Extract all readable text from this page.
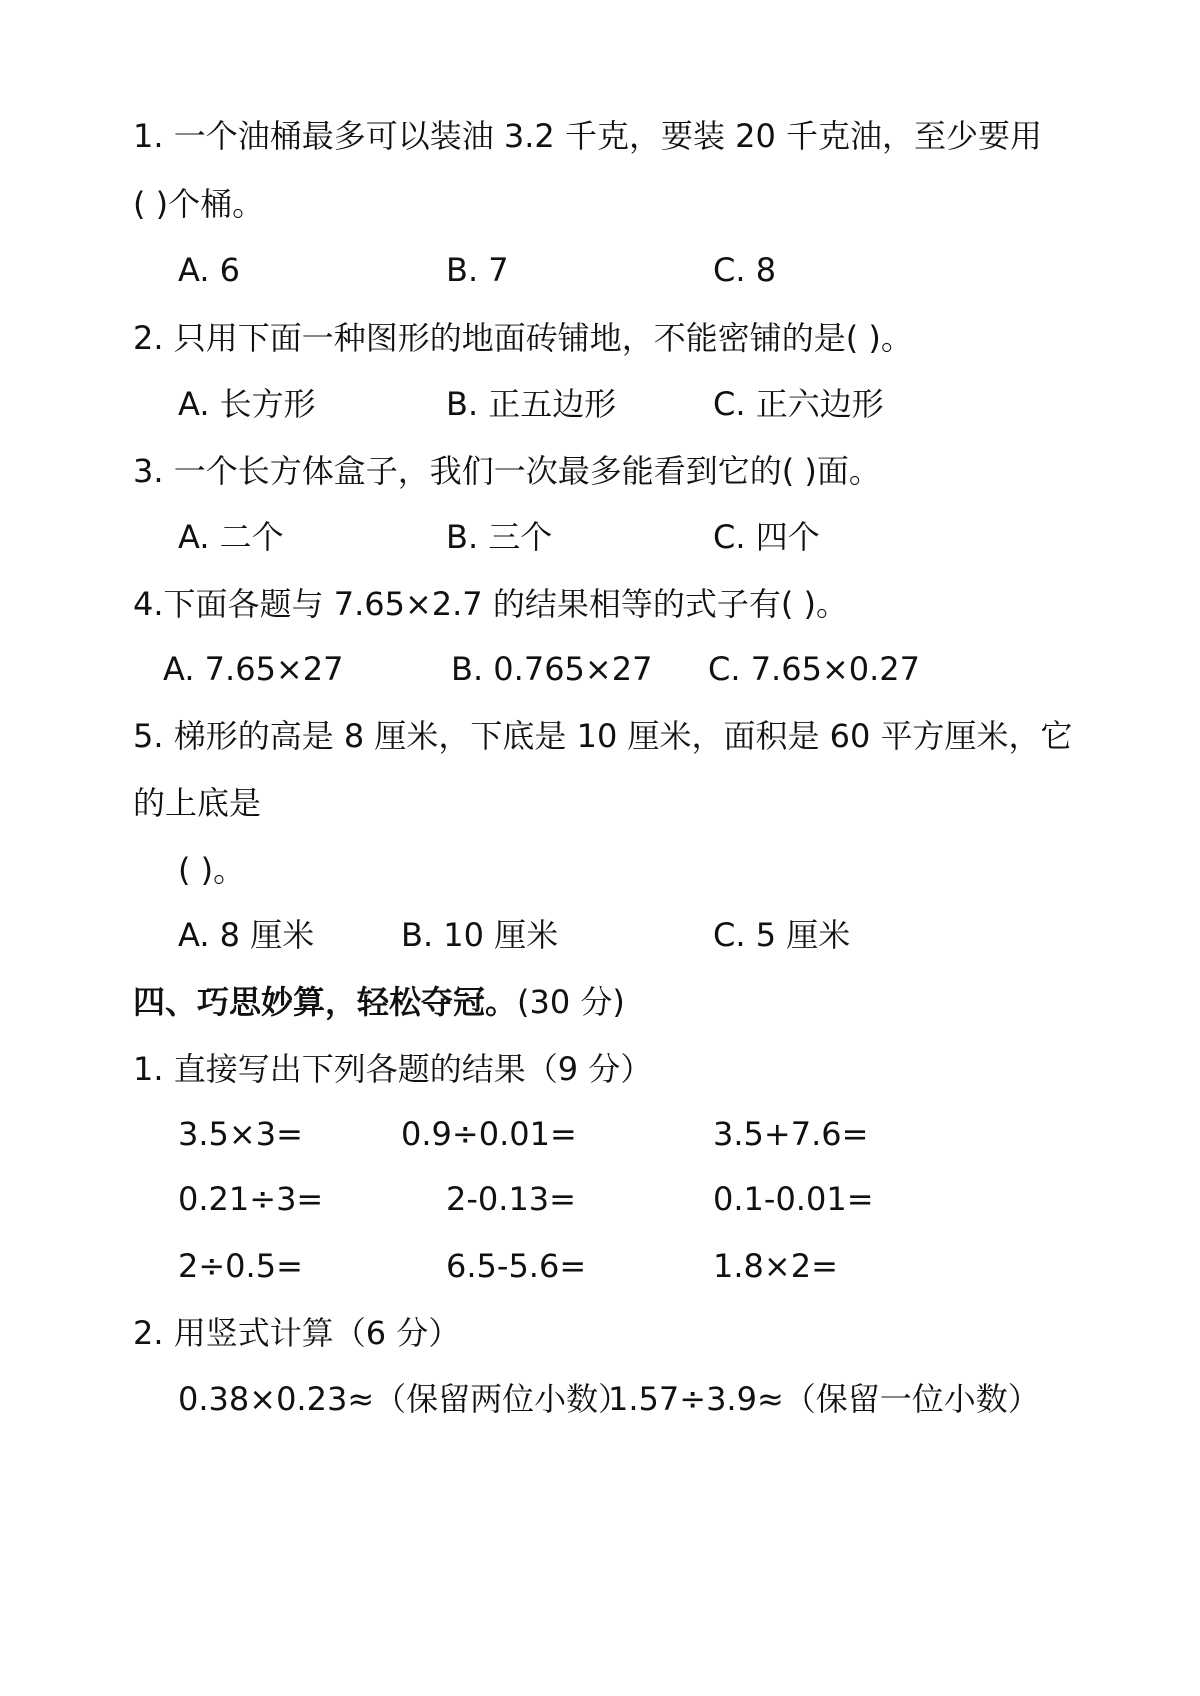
1. 一个油桶最多可以装油 3.2 千克，要装 20 千克油，至少要用
( )个桶。
A. 6	B. 7	C. 8
2. 只用下面一种图形的地面砖铺地，不能密铺的是( )。
A. 长方形	B. 正五边形	C. 正六边形
3. 一个长方体盒子，我们一次最多能看到它的( )面。
A. 二个	B. 三个	C. 四个
4.下面各题与 7.65×2.7 的结果相等的式子有( )。
A. 7.65×27	B. 0.765×27 C. 7.65×0.27
5. 梯形的高是 8 厘米，下底是 10 厘米，面积是 60 平方厘米，它
的上底是
( )。
A. 8 厘米	B. 10 厘米	C. 5 厘米
四、巧思妙算，轻松夺冠。(30 分)
1. 直接写出下列各题的结果（9 分）
3.5×3=	0.9÷0.01=	3.5+7.6=
0.21÷3=	2-0.13=	0.1-0.01=
2÷0.5=	6.5-5.6=	1.8×2=
2. 用竖式计算（6 分）
0.38×0.23≈（保留两位小数）
1.57÷3.9≈（保留一位小数）
